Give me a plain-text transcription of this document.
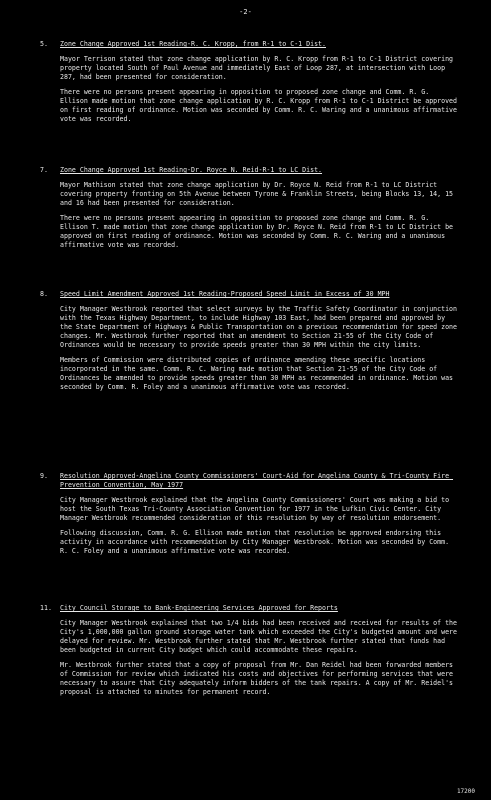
-2-
5. Zone Change Approved 1st Reading-R. C. Kropp, from R-1 to C-1 Dist.
Mayor Terrison stated that zone change application by R. C. Kropp from R-1 to C-1 District covering property located South of Paul Avenue and immediately East of Loop 287, at intersection with Loop 287, had been presented for consideration.
There were no persons present appearing in opposition to proposed zone change and Comm. R. G. Ellison made motion that zone change application by R. C. Kropp from R-1 to C-1 District be approved on first reading of ordinance. Motion was seconded by Comm. R. C. Waring and a unanimous affirmative vote was recorded.
7. Zone Change Approved 1st Reading-Dr. Royce N. Reid-R-1 to LC Dist.
Mayor Mathison stated that zone change application by Dr. Royce N. Reid from R-1 to LC District covering property fronting on 5th Avenue between Tyrone & Franklin Streets, being Blocks 13, 14, 15 and 16 had been presented for consideration.
There were no persons present appearing in opposition to proposed zone change and Comm. R. G. Ellison T. made motion that zone change application by Dr. Royce N. Reid from R-1 to LC District be approved on first reading of ordinance. Motion was seconded by Comm. R. C. Waring and a unanimous affirmative vote was recorded.
8. Speed Limit Amendment Approved 1st Reading-Proposed Speed Limit in Excess of 30 MPH
City Manager Westbrook reported that select surveys by the Traffic Safety Coordinator in conjunction with the Texas Highway Department, to include Highway 103 East, had been prepared and approved by the State Department of Highways & Public Transportation on a previous recommendation for speed zone changes. Mr. Westbrook further reported that an amendment to Section 21-55 of the City Code of Ordinances would be necessary to provide speeds greater than 30 MPH within the city limits.
Members of Commission were distributed copies of ordinance amending these specific locations incorporated in the same. Comm. R. C. Waring made motion that Section 21-55 of the City Code of Ordinances be amended to provide speeds greater than 30 MPH as recommended in ordinance. Motion was seconded by Comm. R. Foley and a unanimous affirmative vote was recorded.
9. Resolution Approved-Angelina County Commissioners' Court-Aid for Angelina County & Tri-County Fire Prevention Convention, May 1977
City Manager Westbrook explained that the Angelina County Commissioners' Court was making a bid to host the South Texas Tri-County Association Convention for 1977 in the Lufkin Civic Center. City Manager Westbrook recommended consideration of this resolution by way of resolution endorsement.
Following discussion, Comm. R. G. Ellison made motion that resolution be approved endorsing this activity in accordance with recommendation by City Manager Westbrook. Motion was seconded by Comm. R. C. Foley and a unanimous affirmative vote was recorded.
11. City Council Storage to Bank-Engineering Services Approved for Reports
City Manager Westbrook explained that two 1/4 bids had been received and received for results of the City's 1,000,000 gallon ground storage water tank which exceeded the City's budgeted amount and were delayed for review. Mr. Westbrook further stated that Mr. Westbrook further stated that funds had been budgeted in current City budget which could accommodate these repairs.
Mr. Westbrook further stated that a copy of proposal from Mr. Dan Reidel had been forwarded members of Commission for review which indicated his costs and objectives for performing services that were necessary to assure that City adequately inform bidders of the tank repairs. A copy of Mr. Reidel's proposal is attached to minutes for permanent record.
17200
